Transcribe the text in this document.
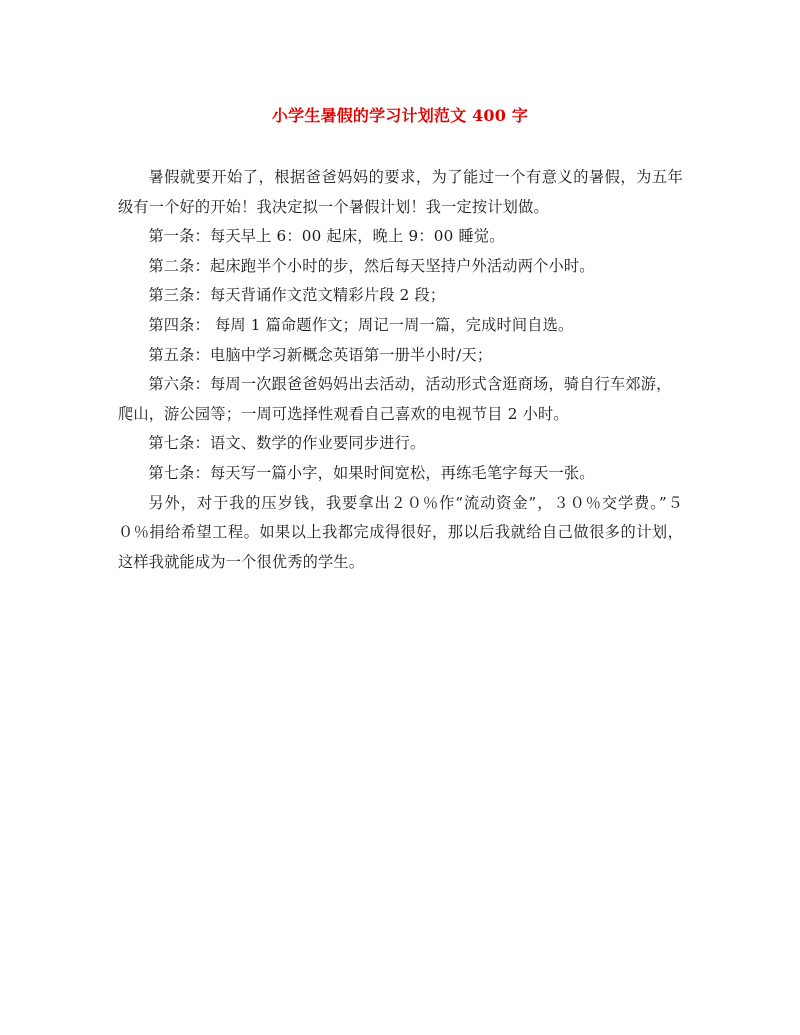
小学生暑假的学习计划范文 400 字

暑假就要开始了，根据爸爸妈妈的要求，为了能过一个有意义的暑假，为五年级有一个好的开始！我决定拟一个暑假计划！我一定按计划做。

第一条：每天早上 6：00 起床，晚上 9：00 睡觉。

第二条：起床跑半个小时的步，然后每天坚持户外活动两个小时。

第三条：每天背诵作文范文精彩片段 2 段；

第四条： 每周 1 篇命题作文；周记一周一篇，完成时间自选。

第五条：电脑中学习新概念英语第一册半小时/天；

第六条：每周一次跟爸爸妈妈出去活动，活动形式含逛商场，骑自行车郊游，爬山，游公园等；一周可选择性观看自己喜欢的电视节目 2 小时。

第七条：语文、数学的作业要同步进行。

第七条：每天写一篇小字，如果时间宽松，再练毛笔字每天一张。

另外，对于我的压岁钱，我要拿出２０％作“流动资金”，３０％交学费。”５０％捐给希望工程。如果以上我都完成得很好，那以后我就给自己做很多的计划，这样我就能成为一个很优秀的学生。
